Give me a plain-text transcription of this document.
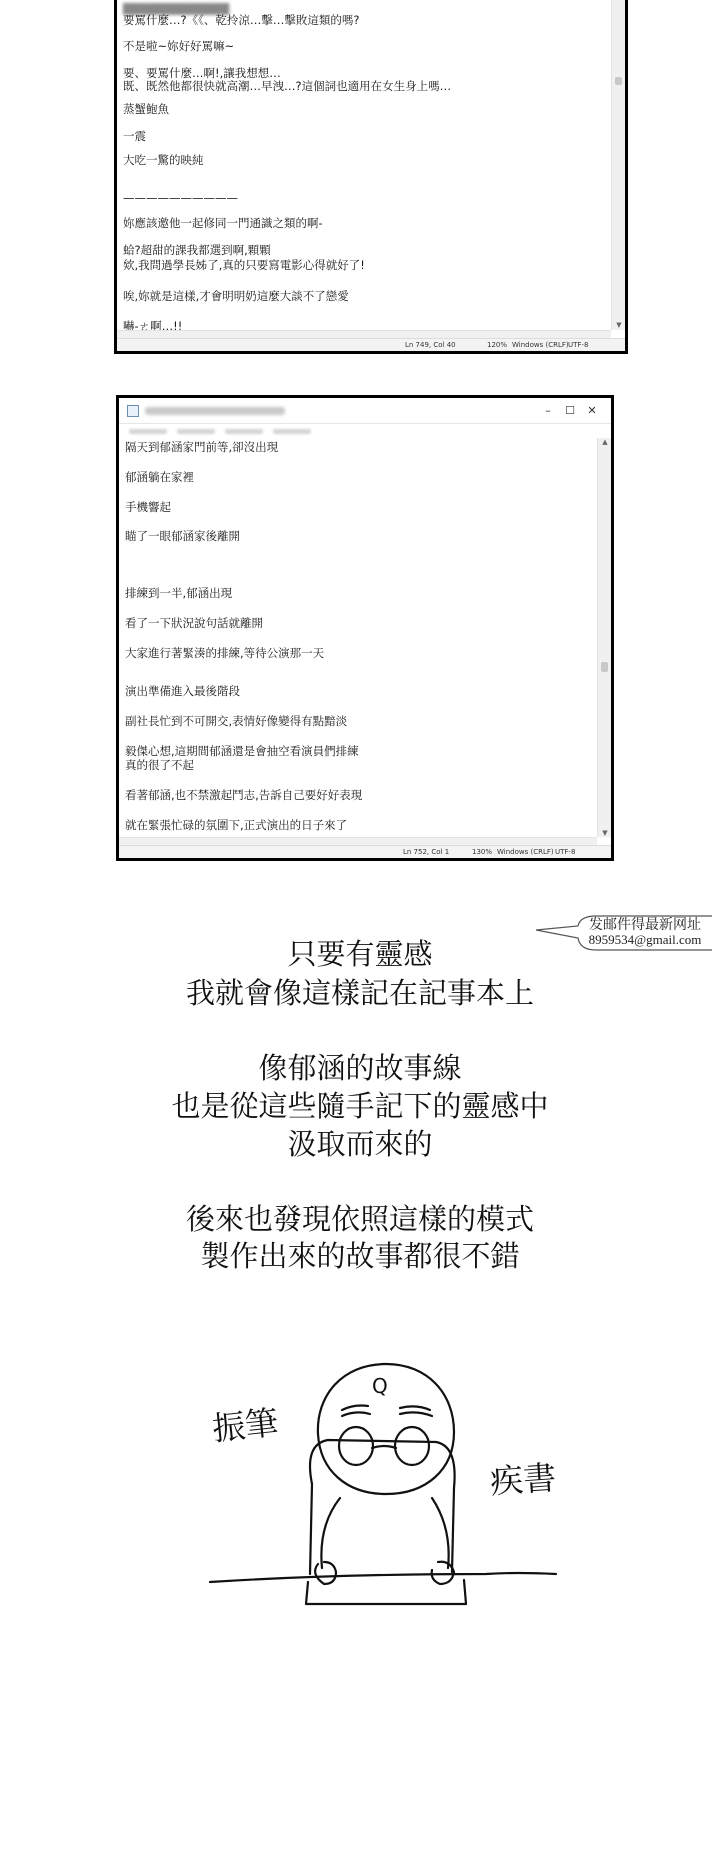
▇▇▇▇▇▇▇▇▇▇▇▇
要罵什麼…?《《、乾拎涼…擊…擊敗這類的嗎?
不是啦~妳好好罵嘛~
要、要罵什麼…啊!,讓我想想…
既、既然他都很快就高潮…早洩…?這個詞也適用在女生身上嗎…
蒸蟹鮑魚
一震
大吃一驚的映純
——————————
妳應該邀他一起修同一門通識之類的啊-
蛤?超甜的課我都選到啊,顆顆
欸,我問過學長姊了,真的只要寫電影心得就好了!
唉,妳就是這樣,才會明明奶這麼大談不了戀愛
嚇-ㄜ啊…!!	▼
Ln 749, Col 40	120% Windows (CRLF) UTF-8
–	☐	✕
隔天到郁涵家門前等,卻沒出現
郁涵躺在家裡
手機響起
瞄了一眼郁涵家後離開
排練到一半,郁涵出現
看了一下狀況說句話就離開
大家進行著緊湊的排練,等待公演那一天
演出準備進入最後階段
副社長忙到不可開交,表情好像變得有點黯淡
毅傑心想,這期間郁涵還是會抽空看演員們排練
真的很了不起
看著郁涵,也不禁激起鬥志,告訴自己要好好表現
就在緊張忙碌的氛圍下,正式演出的日子來了
▲
▼
Ln 752, Col 1	130% Windows (CRLF) UTF-8
发邮件得最新网址
8959534@gmail.com
只要有靈感
我就會像這樣記在記事本上
像郁涵的故事線
也是從這些隨手記下的靈感中
汲取而來的
後來也發現依照這樣的模式
製作出來的故事都很不錯
振筆
疾書
Q
